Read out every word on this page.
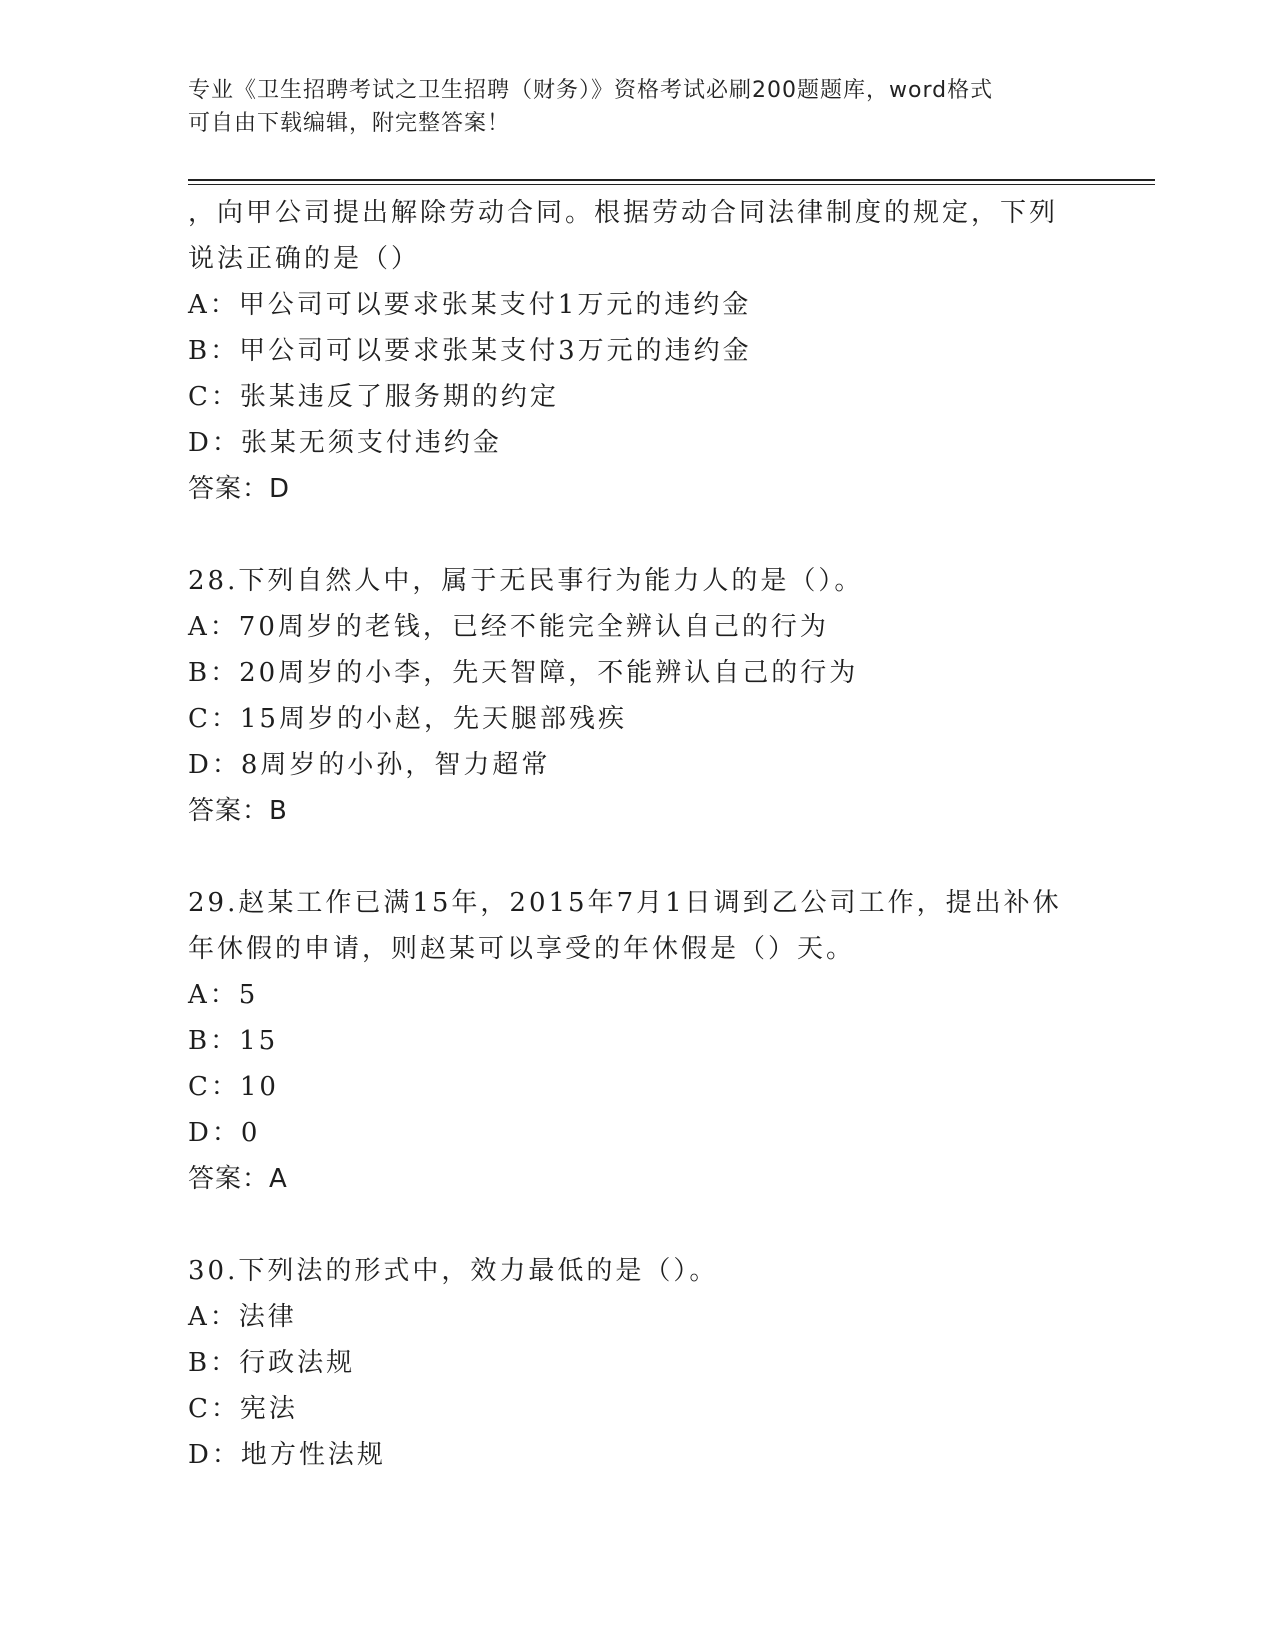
专业《卫生招聘考试之卫生招聘（财务）》资格考试必刷200题题库，word格式
可自由下载编辑，附完整答案！
，向甲公司提出解除劳动合同。根据劳动合同法律制度的规定，下列
说法正确的是（）
A：甲公司可以要求张某支付1万元的违约金
B：甲公司可以要求张某支付3万元的违约金
C：张某违反了服务期的约定
D：张某无须支付违约金
答案：D
28.下列自然人中，属于无民事行为能力人的是（）。
A：70周岁的老钱，已经不能完全辨认自己的行为
B：20周岁的小李，先天智障，不能辨认自己的行为
C：15周岁的小赵，先天腿部残疾
D：8周岁的小孙，智力超常
答案：B
29.赵某工作已满15年，2015年7月1日调到乙公司工作，提出补休
年休假的申请，则赵某可以享受的年休假是（）天。
A：5
B：15
C：10
D：0
答案：A
30.下列法的形式中，效力最低的是（）。
A：法律
B：行政法规
C：宪法
D：地方性法规
